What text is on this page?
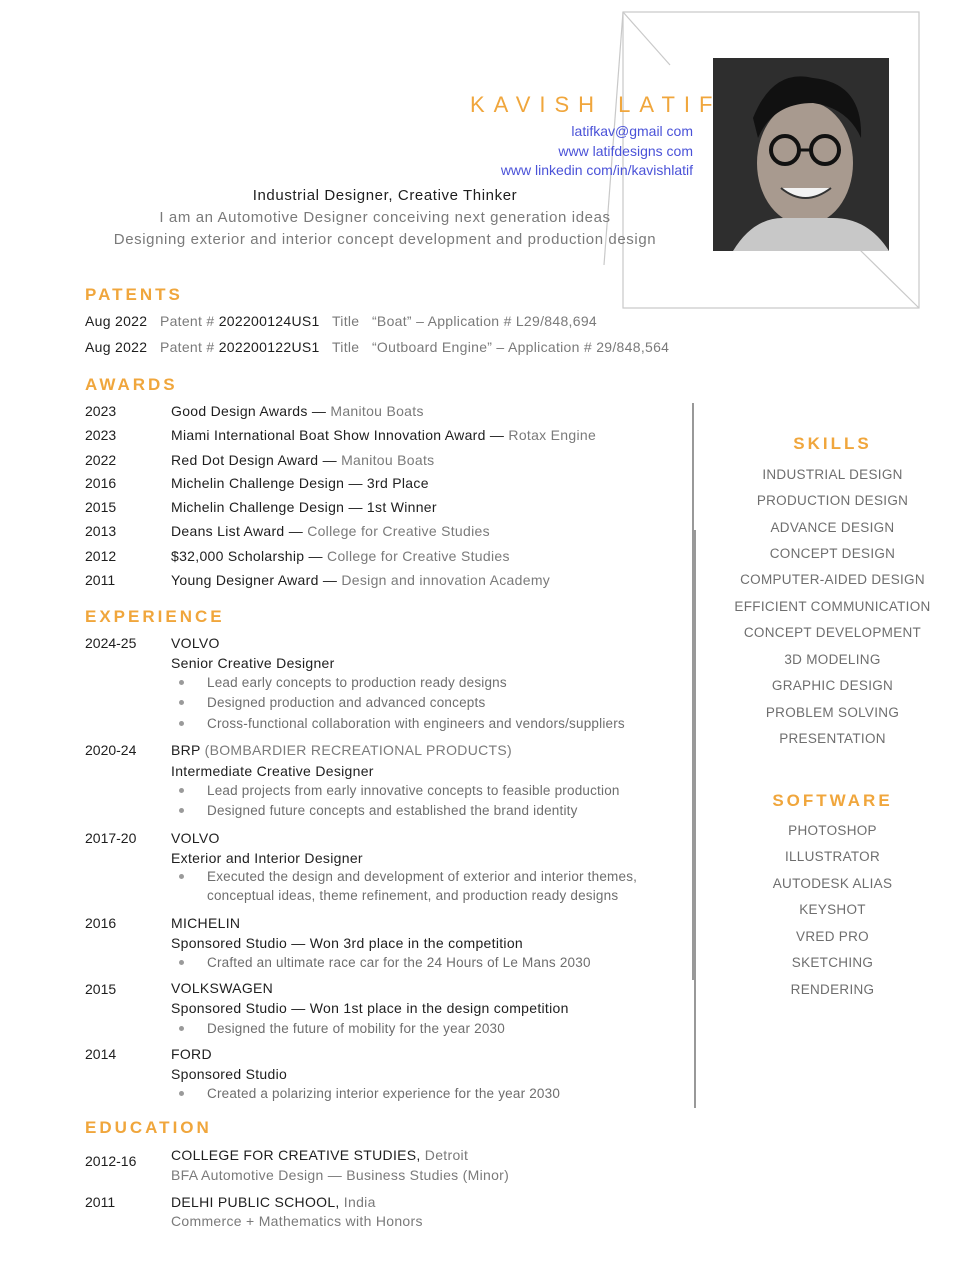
KAVISH LATIF
latifkav@gmail com
www latifdesigns com
www linkedin com/in/kavishlatif
Industrial Designer, Creative Thinker
I am an Automotive Designer conceiving next generation ideas
Designing exterior and interior concept development and production design
PATENTS
Aug 2022 Patent # 202200124US1 Title “Boat” – Application # L29/848,694
Aug 2022 Patent # 202200122US1 Title “Outboard Engine” – Application # 29/848,564
AWARDS
2023	Good Design Awards — Manitou Boats
2023	Miami International Boat Show Innovation Award — Rotax Engine
2022	Red Dot Design Award — Manitou Boats
2016	Michelin Challenge Design — 3rd Place
2015	Michelin Challenge Design — 1st Winner
2013	Deans List Award — College for Creative Studies
2012	$32,000 Scholarship — College for Creative Studies
2011	Young Designer Award — Design and innovation Academy
EXPERIENCE
2024-25 VOLVO
Senior Creative Designer
Lead early concepts to production ready designs
Designed production and advanced concepts
Cross-functional collaboration with engineers and vendors/suppliers
2020-24 BRP (BOMBARDIER RECREATIONAL PRODUCTS)
Intermediate Creative Designer
Lead projects from early innovative concepts to feasible production
Designed future concepts and established the brand identity
2017-20 VOLVO
Exterior and Interior Designer
Executed the design and development of exterior and interior themes,
conceptual ideas, theme refinement, and production ready designs
2016	MICHELIN
Sponsored Studio — Won 3rd place in the competition
Crafted an ultimate race car for the 24 Hours of Le Mans 2030
2015	VOLKSWAGEN
Sponsored Studio — Won 1st place in the design competition
Designed the future of mobility for the year 2030
2014	FORD
Sponsored Studio
Created a polarizing interior experience for the year 2030
EDUCATION
2012-16 COLLEGE FOR CREATIVE STUDIES, Detroit
BFA Automotive Design — Business Studies (Minor)
2011	DELHI PUBLIC SCHOOL, India
Commerce + Mathematics with Honors
SKILLS
INDUSTRIAL DESIGN
PRODUCTION DESIGN
ADVANCE DESIGN
CONCEPT DESIGN
COMPUTER-AIDED DESIGN
EFFICIENT COMMUNICATION
CONCEPT DEVELOPMENT
3D MODELING
GRAPHIC DESIGN
PROBLEM SOLVING
PRESENTATION
SOFTWARE
PHOTOSHOP
ILLUSTRATOR
AUTODESK ALIAS
KEYSHOT
VRED PRO
SKETCHING
RENDERING
